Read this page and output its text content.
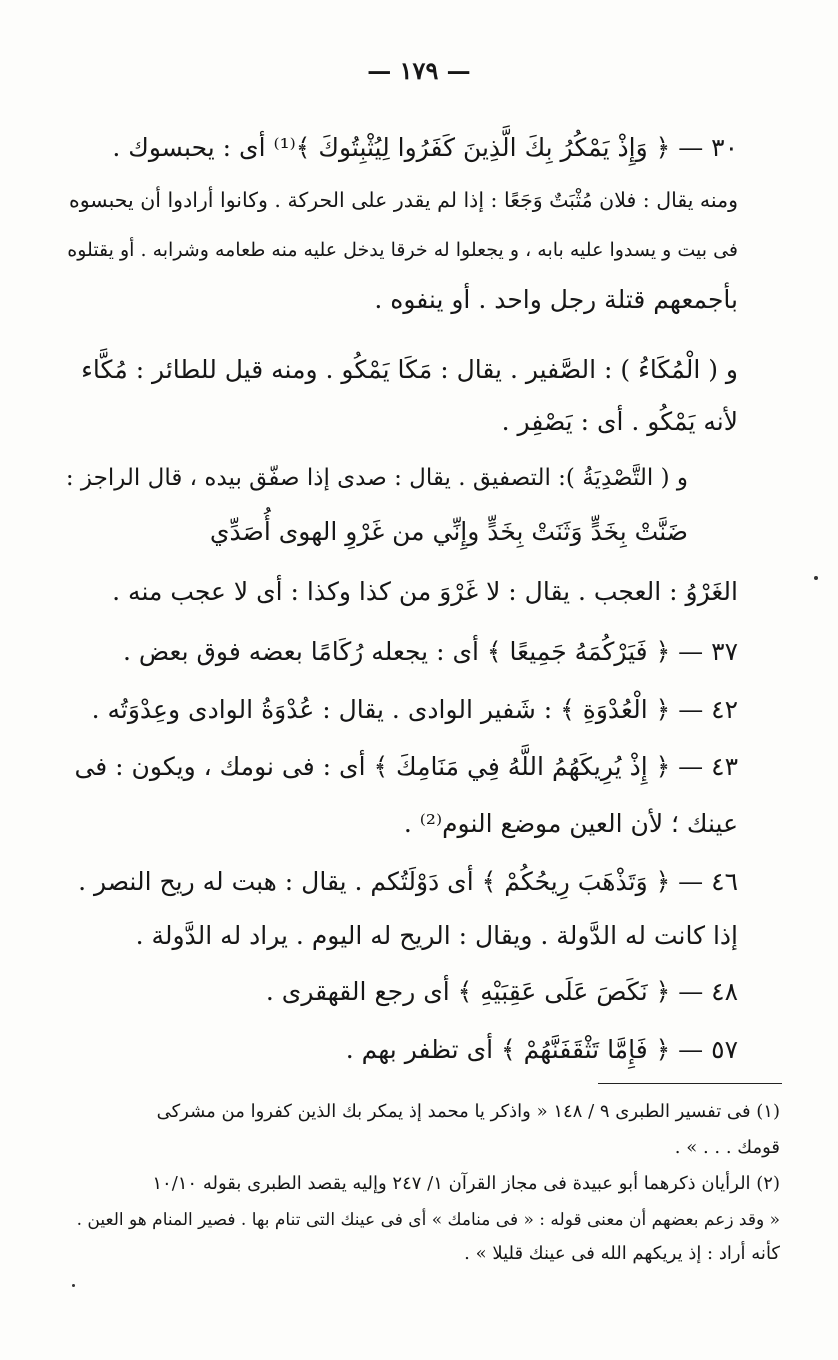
— ١٧٩ —
٣٠ — ﴿ وَإِذْ يَمْكُرُ بِكَ الَّذِينَ كَفَرُوا لِيُثْبِتُوكَ ﴾⁽¹⁾ أى : يحبسوك .
ومنه يقال : فلان مُثْبَتٌ وَجَعًا : إذا لم يقدر على الحركة . وكانوا أرادوا أن يحبسوه
فى بيت و يسدوا عليه بابه ، و يجعلوا له خرقا يدخل عليه منه طعامه وشرابه . أو يقتلوه
بأجمعهم قتلة رجل واحد . أو ينفوه .
و ( الْمُكَاءُ ) : الصَّفير . يقال : مَكَا يَمْكُو . ومنه قيل للطائر : مُكَّاء
لأنه يَمْكُو . أى : يَصْفِر .
و ( التَّصْدِيَةُ ): التصفيق . يقال : صدى إذا صفّق بيده ، قال الراجز :
ضَنَّتْ بِخَدٍّ وَثَنَتْ بِخَدٍّ وإِنِّي من غَرْوِ الهوى أُصَدِّي
الغَرْوُ : العجب . يقال : لا غَرْوَ من كذا وكذا : أى لا عجب منه .
٣٧ — ﴿ فَيَرْكُمَهُ جَمِيعًا ﴾ أى : يجعله رُكَامًا بعضه فوق بعض .
٤٢ — ﴿ الْعُدْوَةِ ﴾ : شَفير الوادى . يقال : عُدْوَةُ الوادى وعِدْوَتُه .
٤٣ — ﴿ إِذْ يُرِيكَهُمُ اللَّهُ فِي مَنَامِكَ ﴾ أى : فى نومك ، ويكون : فى
عينك ؛ لأن العين موضع النوم⁽²⁾ .
٤٦ — ﴿ وَتَذْهَبَ رِيحُكُمْ ﴾ أى دَوْلَتُكم . يقال : هبت له ريح النصر .
إذا كانت له الدَّولة . ويقال : الريح له اليوم . يراد له الدَّولة .
٤٨ — ﴿ نَكَصَ عَلَى عَقِبَيْهِ ﴾ أى رجع القهقرى .
٥٧ — ﴿ فَإِمَّا تَثْقَفَنَّهُمْ ﴾ أى تظفر بهم .
(١) فى تفسير الطبرى ٩ / ١٤٨ « واذكر يا محمد إذ يمكر بك الذين كفروا من مشركى
قومك . . . » .
(٢) الرأيان ذكرهما أبو عبيدة فى مجاز القرآن ١/ ٢٤٧ وإليه يقصد الطبرى بقوله ١٠/١٠
« وقد زعم بعضهم أن معنى قوله : « فى منامك » أى فى عينك التى تنام بها . فصير المنام هو العين .
كأنه أراد : إذ يريكهم الله فى عينك قليلا » .
